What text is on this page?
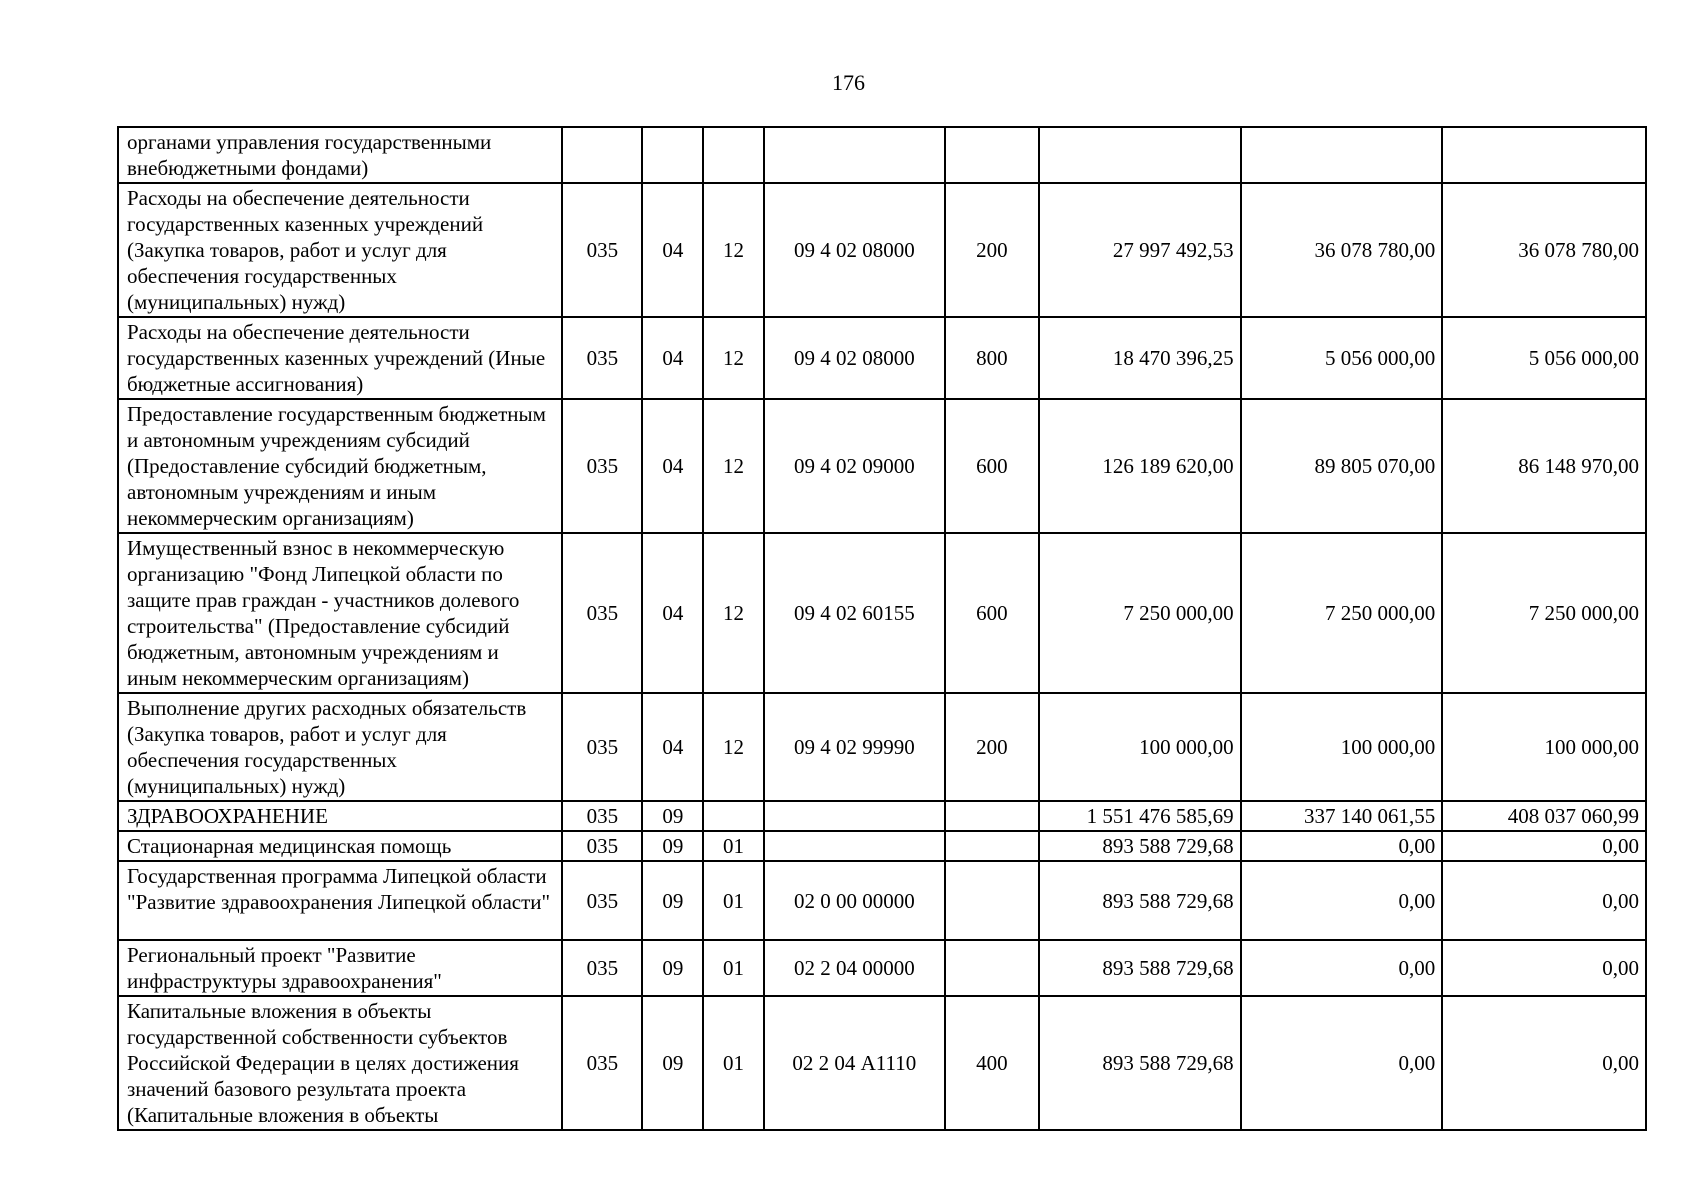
176
органами управления государственными внебюджетными фондами)								
Расходы на обеспечение деятельности государственных казенных учреждений (Закупка товаров, работ и услуг для обеспечения государственных (муниципальных) нужд)	035	04	12	09 4 02 08000	200	27 997 492,53	36 078 780,00	36 078 780,00
Расходы на обеспечение деятельности государственных казенных учреждений (Иные бюджетные ассигнования)	035	04	12	09 4 02 08000	800	18 470 396,25	5 056 000,00	5 056 000,00
Предоставление государственным бюджетным и автономным учреждениям субсидий (Предоставление субсидий бюджетным, автономным учреждениям и иным некоммерческим организациям)	035	04	12	09 4 02 09000	600	126 189 620,00	89 805 070,00	86 148 970,00
Имущественный взнос в некоммерческую организацию "Фонд Липецкой области по защите прав граждан - участников долевого строительства" (Предоставление субсидий бюджетным, автономным учреждениям и иным некоммерческим организациям)	035	04	12	09 4 02 60155	600	7 250 000,00	7 250 000,00	7 250 000,00
Выполнение других расходных обязательств (Закупка товаров, работ и услуг для обеспечения государственных (муниципальных) нужд)	035	04	12	09 4 02 99990	200	100 000,00	100 000,00	100 000,00
ЗДРАВООХРАНЕНИЕ	035	09				1 551 476 585,69	337 140 061,55	408 037 060,99
Стационарная медицинская помощь	035	09	01			893 588 729,68	0,00	0,00
Государственная программа Липецкой области "Развитие здравоохранения Липецкой области"	035	09	01	02 0 00 00000		893 588 729,68	0,00	0,00
Региональный проект "Развитие инфраструктуры здравоохранения"	035	09	01	02 2 04 00000		893 588 729,68	0,00	0,00
Капитальные вложения в объекты государственной собственности субъектов Российской Федерации в целях достижения значений базового результата проекта (Капитальные вложения в объекты	035	09	01	02 2 04 А1110	400	893 588 729,68	0,00	0,00
